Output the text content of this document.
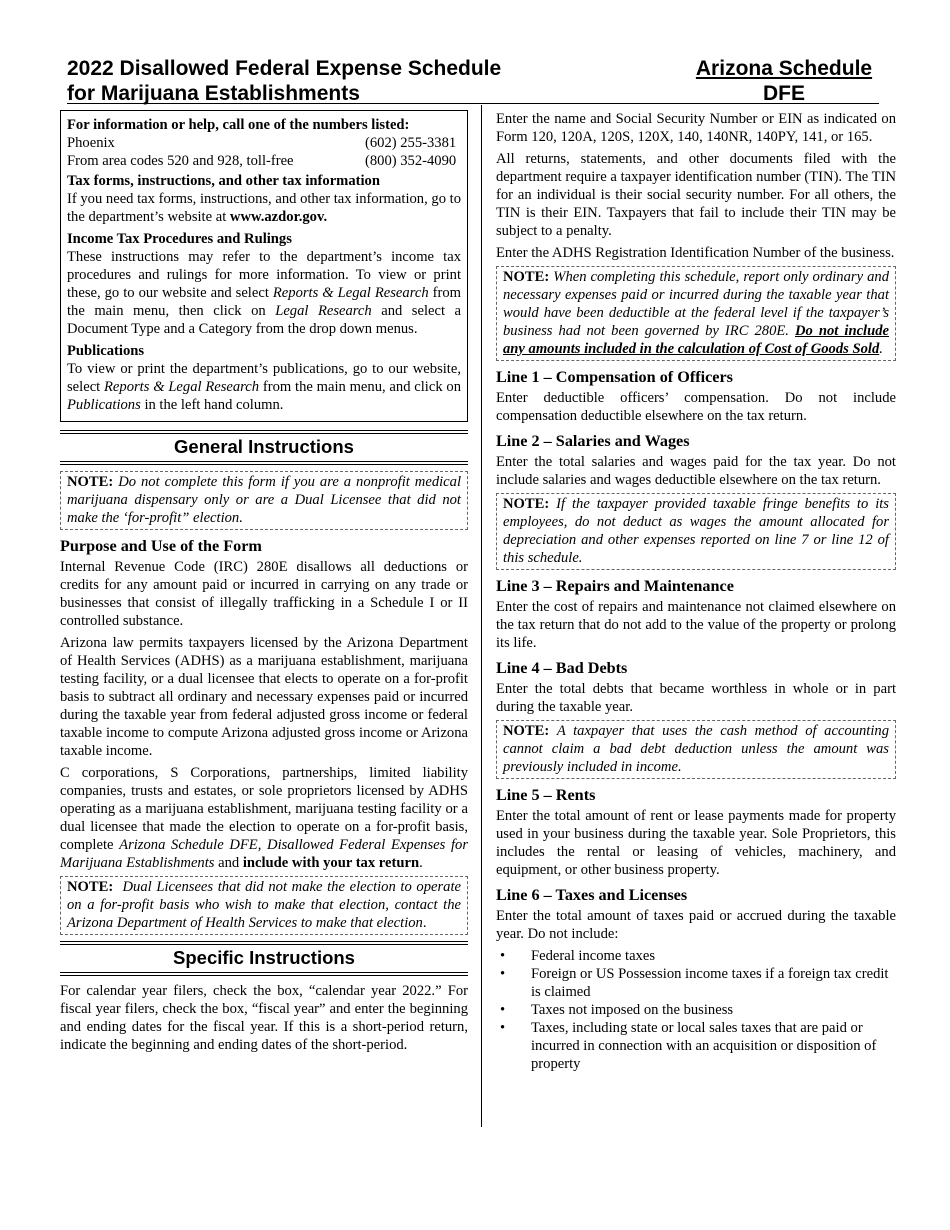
2022 Disallowed Federal Expense Schedule
for Marijuana Establishments
Arizona Schedule
DFE
For information or help, call one of the numbers listed:
Phoenix	(602) 255-3381
From area codes 520 and 928, toll-free	(800) 352-4090
Tax forms, instructions, and other tax information

If you need tax forms, instructions, and other tax information, go to the department’s website at www.azdor.gov.

Income Tax Procedures and Rulings

These instructions may refer to the department’s income tax procedures and rulings for more information. To view or print these, go to our website and select Reports & Legal Research from the main menu, then click on Legal Research and select a Document Type and a Category from the drop down menus.

Publications

To view or print the department’s publications, go to our website, select Reports & Legal Research from the main menu, and click on Publications in the left hand column.

General Instructions
NOTE: Do not complete this form if you are a nonprofit medical marijuana dispensary only or are a Dual Licensee that did not make the ‘for-profit” election.
Purpose and Use of the Form

Internal Revenue Code (IRC) 280E disallows all deductions or credits for any amount paid or incurred in carrying on any trade or businesses that consist of illegally trafficking in a Schedule I or II controlled substance.

Arizona law permits taxpayers licensed by the Arizona Department of Health Services (ADHS) as a marijuana establishment, marijuana testing facility, or a dual licensee that elects to operate on a for-profit basis to subtract all ordinary and necessary expenses paid or incurred during the taxable year from federal adjusted gross income or federal taxable income to compute Arizona adjusted gross income or Arizona taxable income.

C corporations, S Corporations, partnerships, limited liability companies, trusts and estates, or sole proprietors licensed by ADHS operating as a marijuana establishment, marijuana testing facility or a dual licensee that made the election to operate on a for-profit basis, complete Arizona Schedule DFE, Disallowed Federal Expenses for Marijuana Establishments and include with your tax return.

NOTE: Dual Licensees that did not make the election to operate on a for-profit basis who wish to make that election, contact the Arizona Department of Health Services to make that election.
Specific Instructions

For calendar year filers, check the box, “calendar year 2022.” For fiscal year filers, check the box, “fiscal year” and enter the beginning and ending dates for the fiscal year. If this is a short-period return, indicate the beginning and ending dates of the short-period.

Enter the name and Social Security Number or EIN as indicated on Form 120, 120A, 120S, 120X, 140, 140NR, 140PY, 141, or 165.

All returns, statements, and other documents filed with the department require a taxpayer identification number (TIN). The TIN for an individual is their social security number. For all others, the TIN is their EIN. Taxpayers that fail to include their TIN may be subject to a penalty.

Enter the ADHS Registration Identification Number of the business.

NOTE: When completing this schedule, report only ordinary and necessary expenses paid or incurred during the taxable year that would have been deductible at the federal level if the taxpayer’s business had not been governed by IRC 280E. Do not include any amounts included in the calculation of Cost of Goods Sold.
Line 1 – Compensation of Officers

Enter deductible officers’ compensation. Do not include compensation deductible elsewhere on the tax return.

Line 2 – Salaries and Wages

Enter the total salaries and wages paid for the tax year. Do not include salaries and wages deductible elsewhere on the tax return.

NOTE: If the taxpayer provided taxable fringe benefits to its employees, do not deduct as wages the amount allocated for depreciation and other expenses reported on line 7 or line 12 of this schedule.
Line 3 – Repairs and Maintenance

Enter the cost of repairs and maintenance not claimed elsewhere on the tax return that do not add to the value of the property or prolong its life.

Line 4 – Bad Debts

Enter the total debts that became worthless in whole or in part during the taxable year.

NOTE: A taxpayer that uses the cash method of accounting cannot claim a bad debt deduction unless the amount was previously included in income.
Line 5 – Rents

Enter the total amount of rent or lease payments made for property used in your business during the taxable year. Sole Proprietors, this includes the rental or leasing of vehicles, machinery, and equipment, or other business property.

Line 6 – Taxes and Licenses

Enter the total amount of taxes paid or accrued during the taxable year. Do not include:

• Federal income taxes
• Foreign or US Possession income taxes if a foreign tax credit is claimed
• Taxes not imposed on the business
• Taxes, including state or local sales taxes that are paid or incurred in connection with an acquisition or disposition of property
